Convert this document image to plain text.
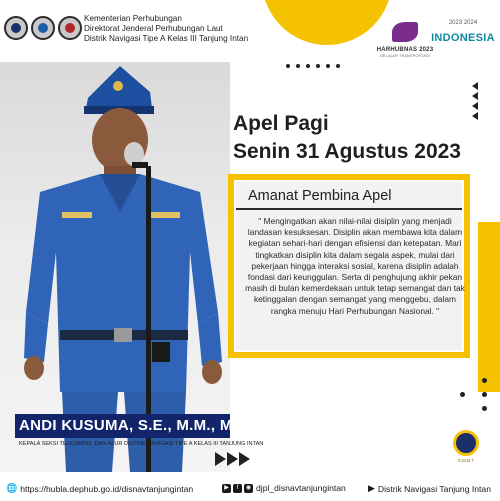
Kementerian Perhubungan
Direktorat Jenderal Perhubungan Laut
Distrik Navigasi Tipe A Kelas III Tanjung Intan
HARHUBNAS 2023
BELAJAR TRANSPORTASI
2023 2024
INDONESIA
Apel Pagi
Senin 31 Agustus 2023
Amanat Pembina Apel
" Mengingatkan akan nilai-nilai disiplin yang menjadi landasan kesuksesan. Disiplin akan membawa kita dalam kegiatan sehari-hari dengan efisiensi dan ketepatan. Mari tingkatkan disiplin kita dalam segala aspek, mulai dari pekerjaan hingga interaksi sosial, karena disiplin adalah fondasi dari keunggulan. Serta di penghujung akhir pekan masih di bulan kemerdekaan untuk tetap semangat dan tak ketinggalan dengan semangat yang menggebu, dalam rangka menuju Hari Perhubungan Nasional. "
ANDI KUSUMA, S.E., M.M., M.Si.
KEPALA SEKSI TELKOMPEL DAN ALUR DISTRIK NAVIGASI TIPE A KELAS III TANJUNG INTAN
S.M.B.T
🌐 https://hubla.dephub.go.id/disnavtanjungintan	▶	f	◉ djpl_disnavtanjungintan ▶ Distrik Navigasi Tanjung Intan
